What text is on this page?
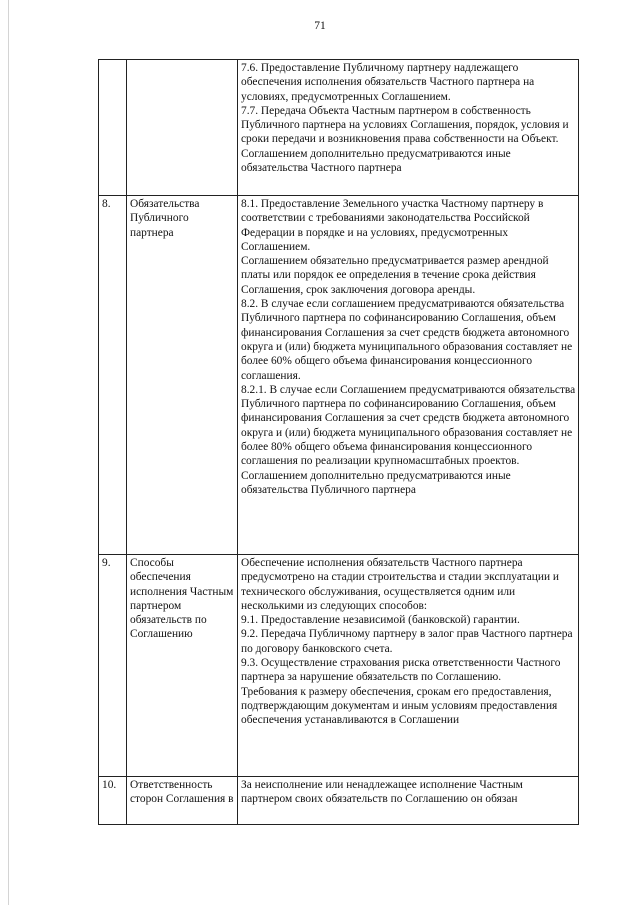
71

		7.6. Предоставление Публичному партнеру надлежащего обеспечения исполнения обязательств Частного партнера на условиях, предусмотренных Соглашением.
7.7. Передача Объекта Частным партнером в собственность Публичного партнера на условиях Соглашения, порядок, условия и сроки передачи и возникновения права собственности на Объект.
Соглашением дополнительно предусматриваются иные обязательства Частного партнера

8.	Обязательства Публичного партнера	8.1. Предоставление Земельного участка Частному партнеру в соответствии с требованиями законодательства Российской Федерации в порядке и на условиях, предусмотренных Соглашением.
Соглашением обязательно предусматривается размер арендной платы или порядок ее определения в течение срока действия Соглашения, срок заключения договора аренды.
8.2. В случае если соглашением предусматриваются обязательства Публичного партнера по софинансированию Соглашения, объем финансирования Соглашения за счет средств бюджета автономного округа и (или) бюджета муниципального образования составляет не более 60% общего объема финансирования концессионного соглашения.
8.2.1. В случае если Соглашением предусматриваются обязательства Публичного партнера по софинансированию Соглашения, объем финансирования Соглашения за счет средств бюджета автономного округа и (или) бюджета муниципального образования составляет не более 80% общего объема финансирования концессионного соглашения по реализации крупномасштабных проектов.
Соглашением дополнительно предусматриваются иные обязательства Публичного партнера

9.	Способы обеспечения исполнения Частным партнером обязательств по Соглашению	Обеспечение исполнения обязательств Частного партнера предусмотрено на стадии строительства и стадии эксплуатации и технического обслуживания, осуществляется одним или несколькими из следующих способов:
9.1. Предоставление независимой (банковской) гарантии.
9.2. Передача Публичному партнеру в залог прав Частного партнера по договору банковского счета.
9.3. Осуществление страхования риска ответственности Частного партнера за нарушение обязательств по Соглашению.
Требования к размеру обеспечения, срокам его предоставления, подтверждающим документам и иным условиям предоставления обеспечения устанавливаются в Соглашении

10.	Ответственность сторон Соглашения в	За неисполнение или ненадлежащее исполнение Частным партнером своих обязательств по Соглашению он обязан
